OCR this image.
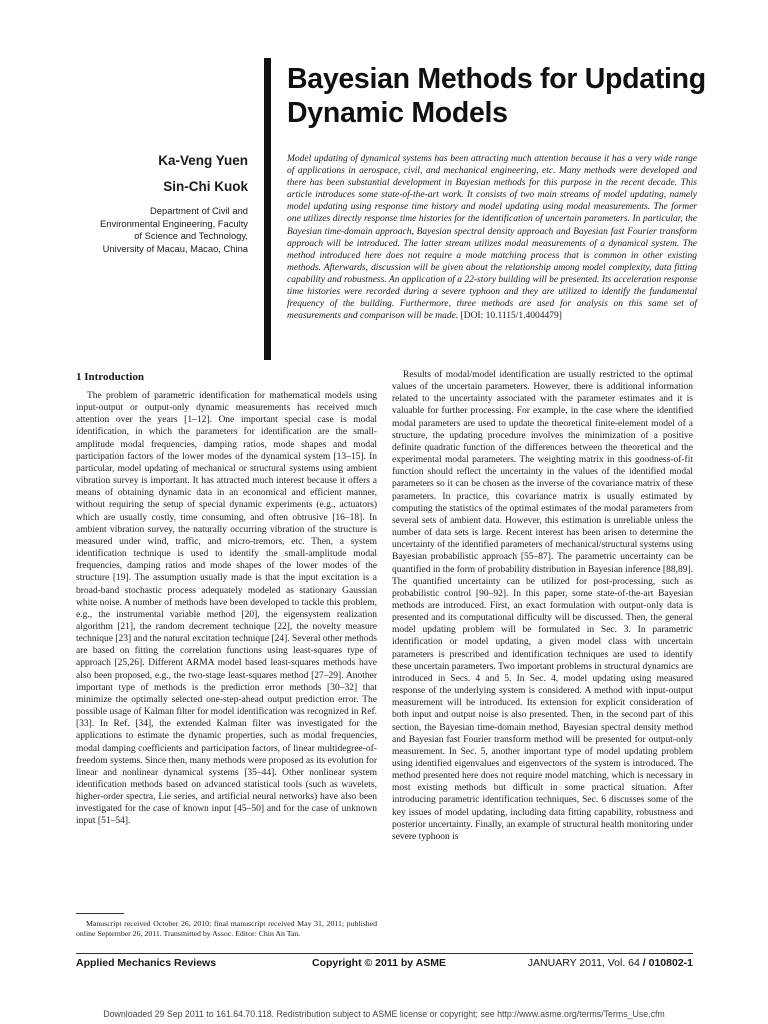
Bayesian Methods for Updating Dynamic Models
Ka-Veng Yuen
Sin-Chi Kuok
Department of Civil and Environmental Engineering, Faculty of Science and Technology, University of Macau, Macao, China
Model updating of dynamical systems has been attracting much attention because it has a very wide range of applications in aerospace, civil, and mechanical engineering, etc. Many methods were developed and there has been substantial development in Bayesian methods for this purpose in the recent decade. This article introduces some state-of-the-art work. It consists of two main streams of model updating, namely model updating using response time history and model updating using modal measurements. The former one utilizes directly response time histories for the identification of uncertain parameters. In particular, the Bayesian time-domain approach, Bayesian spectral density approach and Bayesian fast Fourier transform approach will be introduced. The latter stream utilizes modal measurements of a dynamical system. The method introduced here does not require a mode matching process that is common in other existing methods. Afterwards, discussion will be given about the relationship among model complexity, data fitting capability and robustness. An application of a 22-story building will be presented. Its acceleration response time histories were recorded during a severe typhoon and they are utilized to identify the fundamental frequency of the building. Furthermore, three methods are used for analysis on this same set of measurements and comparison will be made. [DOI: 10.1115/1.4004479]
1 Introduction
The problem of parametric identification for mathematical models using input-output or output-only dynamic measurements has received much attention over the years [1–12]. One important special case is modal identification, in which the parameters for identification are the small-amplitude modal frequencies, damping ratios, mode shapes and modal participation factors of the lower modes of the dynamical system [13–15]. In particular, model updating of mechanical or structural systems using ambient vibration survey is important. It has attracted much interest because it offers a means of obtaining dynamic data in an economical and efficient manner, without requiring the setup of special dynamic experiments (e.g., actuators) which are usually costly, time consuming, and often obtrusive [16–18]. In ambient vibration survey, the naturally occurring vibration of the structure is measured under wind, traffic, and micro-tremors, etc. Then, a system identification technique is used to identify the small-amplitude modal frequencies, damping ratios and mode shapes of the lower modes of the structure [19]. The assumption usually made is that the input excitation is a broad-band stochastic process adequately modeled as stationary Gaussian white noise. A number of methods have been developed to tackle this problem, e.g., the instrumental variable method [20], the eigensystem realization algorithm [21], the random decrement technique [22], the novelty measure technique [23] and the natural excitation technique [24]. Several other methods are based on fitting the correlation functions using least-squares type of approach [25,26]. Different ARMA model based least-squares methods have also been proposed, e.g., the two-stage least-squares method [27–29]. Another important type of methods is the prediction error methods [30–32] that minimize the optimally selected one-step-ahead output prediction error. The possible usage of Kalman filter for model identification was recognized in Ref. [33]. In Ref. [34], the extended Kalman filter was investigated for the applications to estimate the dynamic properties, such as modal frequencies, modal damping coefficients and participation factors, of linear multidegree-of-freedom systems. Since then, many methods were proposed as its evolution for linear and nonlinear dynamical systems [35–44]. Other nonlinear system identification methods based on advanced statistical tools (such as wavelets, higher-order spectra, Lie series, and artificial neural networks) have also been investigated for the case of known input [45–50] and for the case of unknown input [51–54].
Results of modal/model identification are usually restricted to the optimal values of the uncertain parameters. However, there is additional information related to the uncertainty associated with the parameter estimates and it is valuable for further processing. For example, in the case where the identified modal parameters are used to update the theoretical finite-element model of a structure, the updating procedure involves the minimization of a positive definite quadratic function of the differences between the theoretical and the experimental modal parameters. The weighting matrix in this goodness-of-fit function should reflect the uncertainty in the values of the identified modal parameters so it can be chosen as the inverse of the covariance matrix of these parameters. In practice, this covariance matrix is usually estimated by computing the statistics of the optimal estimates of the modal parameters from several sets of ambient data. However, this estimation is unreliable unless the number of data sets is large. Recent interest has been arisen to determine the uncertainty of the identified parameters of mechanical/structural systems using Bayesian probabilistic approach [55–87]. The parametric uncertainty can be quantified in the form of probability distribution in Bayesian inference [88,89]. The quantified uncertainty can be utilized for post-processing, such as probabilistic control [90–92]. In this paper, some state-of-the-art Bayesian methods are introduced. First, an exact formulation with output-only data is presented and its computational difficulty will be discussed. Then, the general model updating problem will be formulated in Sec. 3. In parametric identification or model updating, a given model class with uncertain parameters is prescribed and identification techniques are used to identify these uncertain parameters. Two important problems in structural dynamics are introduced in Secs. 4 and 5. In Sec. 4, model updating using measured response of the underlying system is considered. A method with input-output measurement will be introduced. Its extension for explicit consideration of both input and output noise is also presented. Then, in the second part of this section, the Bayesian time-domain method, Bayesian spectral density method and Bayesian fast Fourier transform method will be presented for output-only measurement. In Sec. 5, another important type of model updating problem using identified eigenvalues and eigenvectors of the system is introduced. The method presented here does not require model matching, which is necessary in most existing methods but difficult in some practical situation. After introducing parametric identification techniques, Sec. 6 discusses some of the key issues of model updating, including data fitting capability, robustness and posterior uncertainty. Finally, an example of structural health monitoring under severe typhoon is
Manuscript received October 26, 2010; final manuscript received May 31, 2011; published online September 26, 2011. Transmitted by Assoc. Editor: Chin An Tan.
Applied Mechanics Reviews	Copyright © 2011 by ASME	JANUARY 2011, Vol. 64 / 010802-1
Downloaded 29 Sep 2011 to 161.64.70.118. Redistribution subject to ASME license or copyright; see http://www.asme.org/terms/Terms_Use.cfm
